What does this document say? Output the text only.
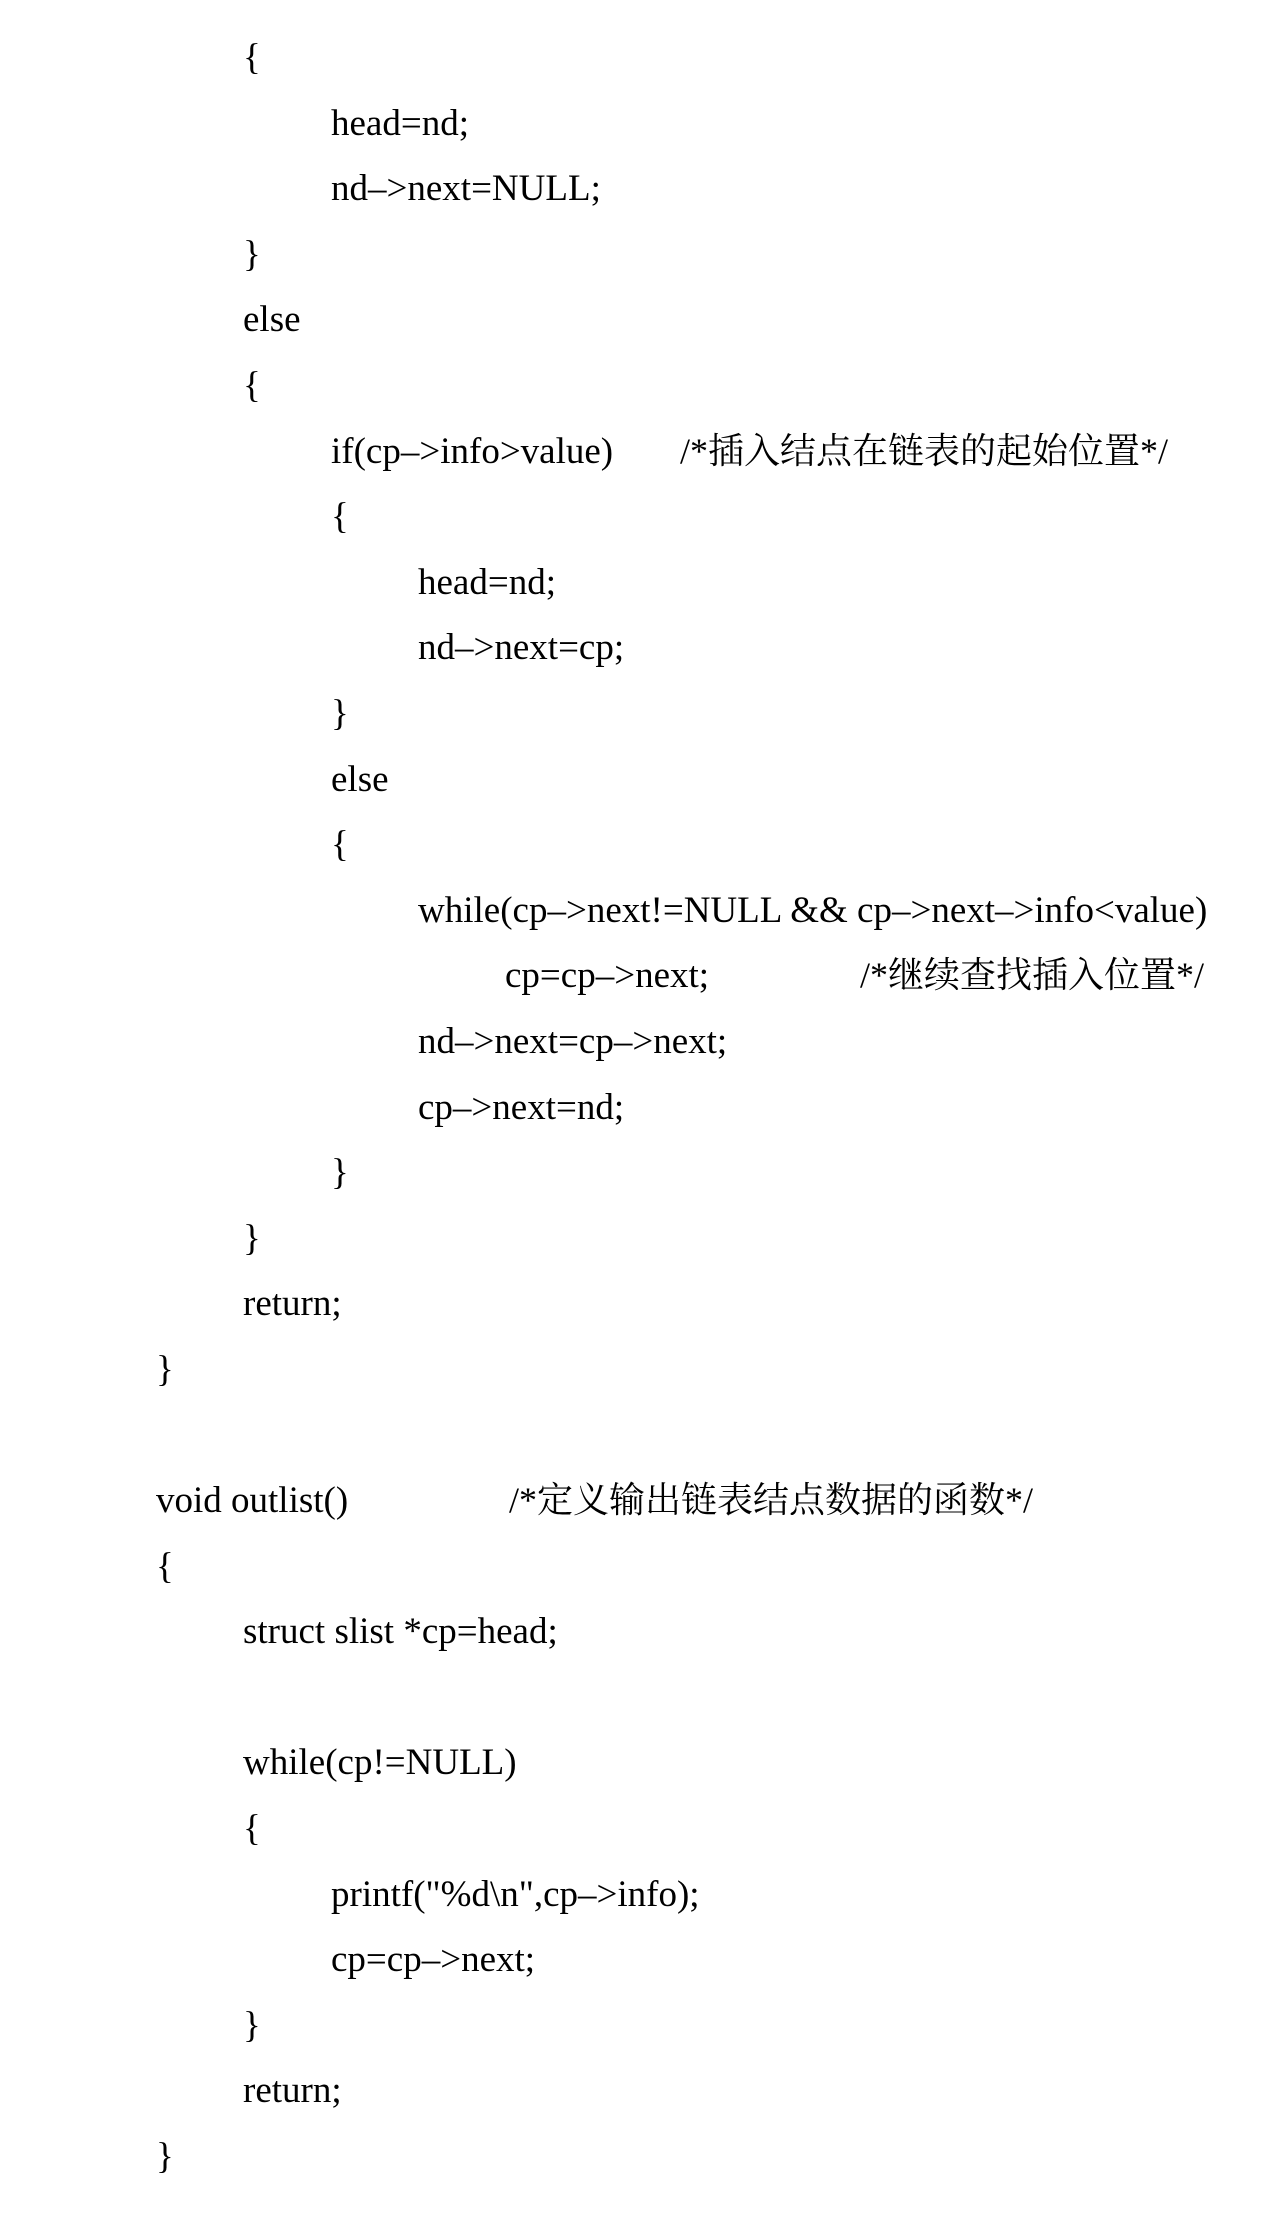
{
head=nd;
nd–>next=NULL;
}
else
{

if(cp–>info>value)

/*插入结点在链表的起始位置*/

{
head=nd;
nd–>next=cp;
}
else
{
while(cp–>next!=NULL && cp–>next–>info<value)

cp=cp–>next;

	/*继续查找插入位置*/

nd–>next=cp–>next;
cp–>next=nd;
}
}
return;
}

void outlist()

	/*定义输出链表结点数据的函数*/

{
struct slist *cp=head;
while(cp!=NULL)
{
printf("%d\n",cp–>info);
cp=cp–>next;
}
return;
}
